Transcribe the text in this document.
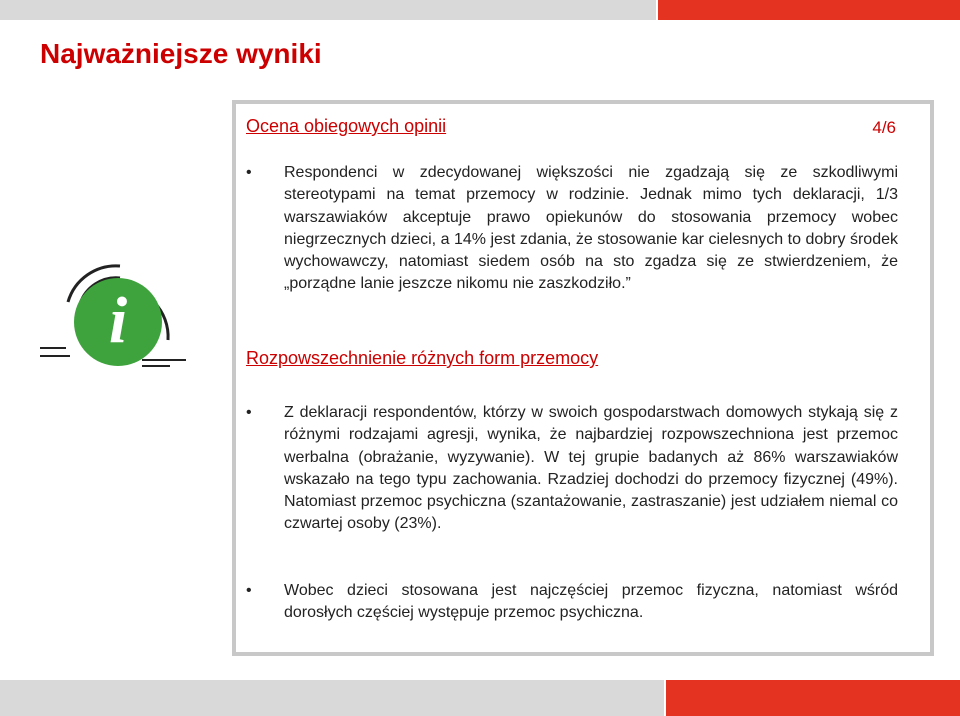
Najważniejsze wyniki
i
Ocena obiegowych opinii	4/6
•	Respondenci w zdecydowanej większości nie zgadzają się ze szkodliwymi stereotypami na temat przemocy w rodzinie. Jednak mimo tych deklaracji, 1/3 warszawiaków akceptuje prawo opiekunów do stosowania przemocy wobec niegrzecznych dzieci, a 14% jest zdania, że stosowanie kar cielesnych to dobry środek wychowawczy, natomiast siedem osób na sto zgadza się ze stwierdzeniem, że „porządne lanie jeszcze nikomu nie zaszkodziło.”
Rozpowszechnienie różnych form przemocy
•	Z deklaracji respondentów, którzy w swoich gospodarstwach domowych stykają się z różnymi rodzajami agresji, wynika, że najbardziej rozpowszechniona jest przemoc werbalna (obrażanie, wyzywanie). W tej grupie badanych aż 86% warszawiaków wskazało na tego typu zachowania. Rzadziej dochodzi do przemocy fizycznej (49%). Natomiast przemoc psychiczna (szantażowanie, zastraszanie) jest udziałem niemal co czwartej osoby (23%).
•	Wobec dzieci stosowana jest najczęściej przemoc fizyczna, natomiast wśród dorosłych częściej występuje przemoc psychiczna.
